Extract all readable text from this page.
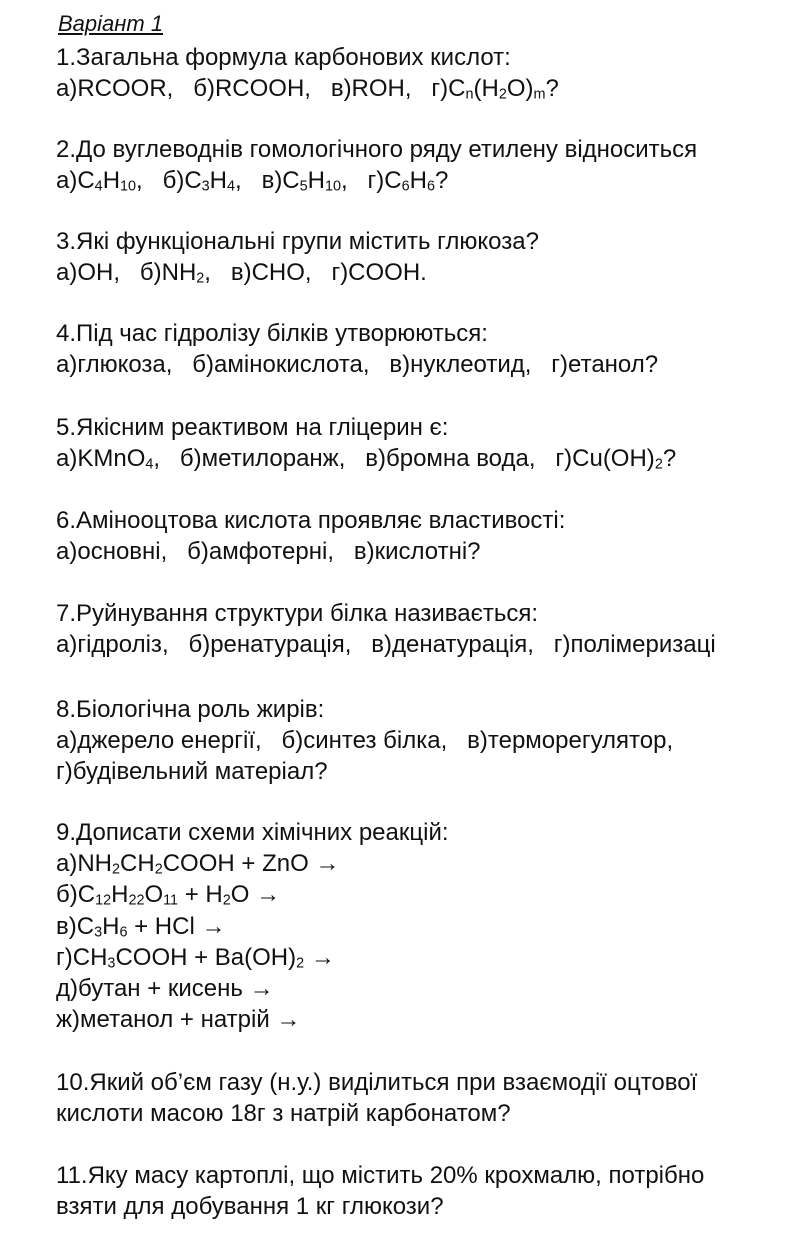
Варіант 1
1.Загальна формула карбонових кислот:
а)RCOOR, б)RCOOH, в)ROH, $г)C_n(H_2O)_m$?
2.До вуглеводнів гомологічного ряду етилену відноситься
$а)C_4H_{10}$, $б)C_3H_4$, $в)C_5H_{10}$, $г)C_6H_6$?
3.Які функціональні групи містить глюкоза?
а)OH, $б)NH_2$, в)CHO, г)COOH.
4.Під час гідролізу білків утворюються:
а)глюкоза, б)амінокислота, в)нуклеотид, г)етанол?
5.Якісним реактивом на гліцерин є:
а)KMnO$_4$, б)метилоранж, в)бромна вода, $г)Cu(OH)_2$?
6.Аміноoцтова кислота проявляє властивості:
а)основні, б)амфотерні, в)кислотні?
7.Руйнування структури білка називається:
а)гідроліз, б)ренатурація, в)денатурація, г)полімеризаці
8.Біологічна роль жирів:
а)джерело енергії, б)синтез білка, в)терморегулятор,
г)будівельний матеріал?
9.Дописати схеми хімічних реакцій:
$а)NH_2CH_2COOH$ + ZnO →
$б)C_{12}H_{22}O_{11} + H_2O$ →
$в)C_3H_6$ + HCl →
$г)CH_3COOH + Ba(OH)_2$ →
д)бутан + кисень →
ж)метанол + натрій →
10.Який об’єм газу (н.у.) виділиться при взаємодії оцтової
кислоти масою 18г з натрій карбонатом?
11.Яку масу картоплі, що містить 20% крохмалю, потрібно
взяти для добування 1 кг глюкози?
